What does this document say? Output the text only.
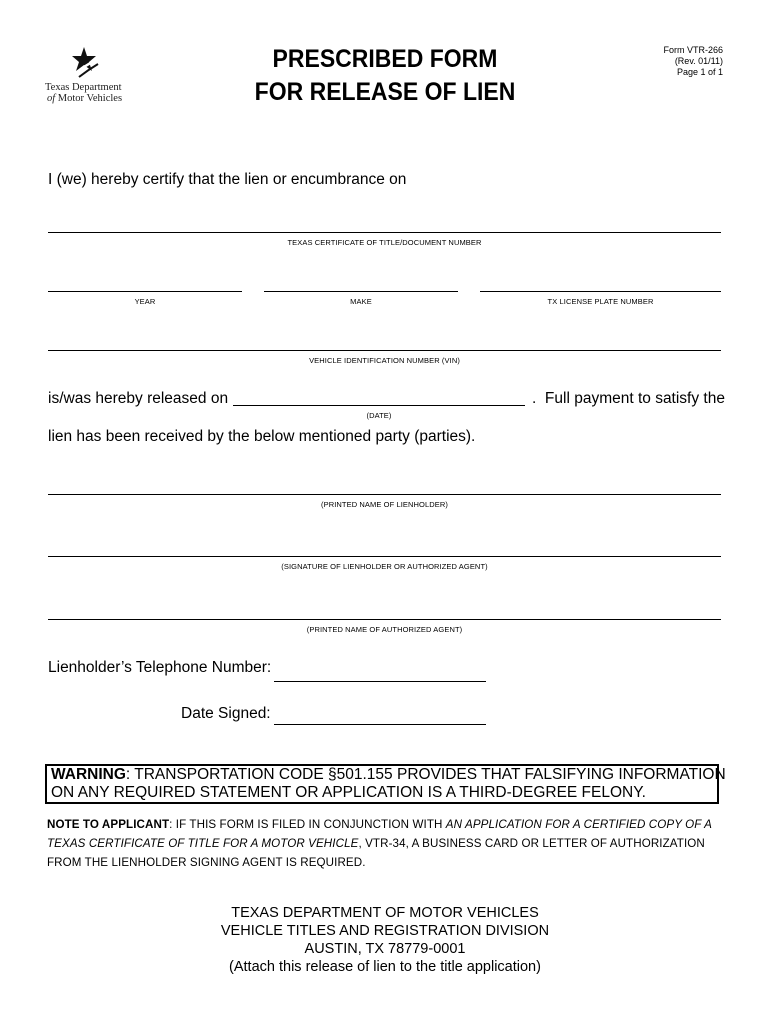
Texas Department
of Motor Vehicles
PRESCRIBED FORM
FOR RELEASE OF LIEN
Form VTR-266
(Rev. 01/11)
Page 1 of 1
I (we) hereby certify that the lien or encumbrance on
TEXAS CERTIFICATE OF TITLE/DOCUMENT NUMBER
YEAR	MAKE	TX LICENSE PLATE NUMBER
VEHICLE IDENTIFICATION NUMBER (VIN)
is/was hereby released on
(DATE)
.  Full payment to satisfy the
lien has been received by the below mentioned party (parties).
(PRINTED NAME OF LIENHOLDER)
(SIGNATURE OF LIENHOLDER OR AUTHORIZED AGENT)
(PRINTED NAME OF AUTHORIZED AGENT)
Lienholder’s Telephone Number:
Date Signed:
WARNING: TRANSPORTATION CODE §501.155 PROVIDES THAT FALSIFYING INFORMATION
ON ANY REQUIRED STATEMENT OR APPLICATION IS A THIRD-DEGREE FELONY.
NOTE TO APPLICANT: IF THIS FORM IS FILED IN CONJUNCTION WITH AN APPLICATION FOR A CERTIFIED COPY OF A TEXAS CERTIFICATE OF TITLE FOR A MOTOR VEHICLE, VTR-34, A BUSINESS CARD OR LETTER OF AUTHORIZATION FROM THE LIENHOLDER SIGNING AGENT IS REQUIRED.
TEXAS DEPARTMENT OF MOTOR VEHICLES
VEHICLE TITLES AND REGISTRATION DIVISION
AUSTIN, TX 78779-0001
(Attach this release of lien to the title application)
